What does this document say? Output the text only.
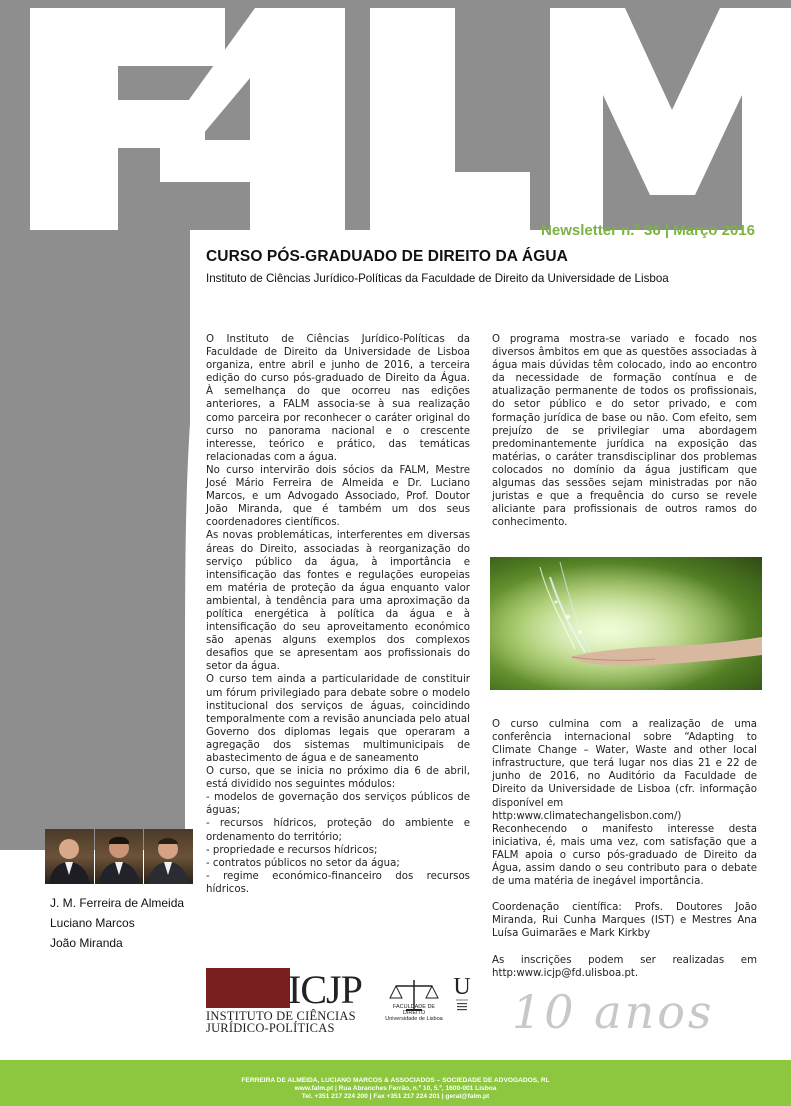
Newsletter n.º 36 | Março 2016
CURSO PÓS-GRADUADO DE DIREITO DA ÁGUA
Instituto de Ciências Jurídico-Políticas da Faculdade de Direito da Universidade de Lisboa

O Instituto de Ciências Jurídico-Políticas da Faculdade de Direito da Universidade de Lisboa organiza, entre abril e junho de 2016, a terceira edição do curso pós-graduado de Direito da Água. À semelhança do que ocorreu nas edições anteriores, a FALM associa-se à sua realização como parceira por reconhecer o caráter original do curso no panorama nacional e o crescente interesse, teórico e prático, das temáticas relacionadas com a água.

No curso intervirão dois sócios da FALM, Mestre José Mário Ferreira de Almeida e Dr. Luciano Marcos, e um Advogado Associado, Prof. Doutor João Miranda, que é também um dos seus coordenadores científicos.

As novas problemáticas, interferentes em diversas áreas do Direito, associadas à reorganização do serviço público da água, à importância e intensificação das fontes e regulações europeias em matéria de proteção da água enquanto valor ambiental, à tendência para uma aproximação da política energética à política da água e à intensificação do seu aproveitamento económico são apenas alguns exemplos dos complexos desafios que se apresentam aos profissionais do setor da água.

O curso tem ainda a particularidade de constituir um fórum privilegiado para debate sobre o modelo institucional dos serviços de águas, coincidindo temporalmente com a revisão anunciada pelo atual Governo dos diplomas legais que operaram a agregação dos sistemas multimunicipais de abastecimento de água e de saneamento

O curso, que se inicia no próximo dia 6 de abril, está dividido nos seguintes módulos:

- modelos de governação dos serviços públicos de águas;

- recursos hídricos, proteção do ambiente e ordenamento do território;

- propriedade e recursos hídricos;

- contratos públicos no setor da água;

- regime económico-financeiro dos recursos hídricos.

O programa mostra-se variado e focado nos diversos âmbitos em que as questões associadas à água mais dúvidas têm colocado, indo ao encontro da necessidade de formação contínua e de atualização permanente de todos os profissionais, do setor público e do setor privado, e com formação jurídica de base ou não. Com efeito, sem prejuízo de se privilegiar uma abordagem predominantemente jurídica na exposição das matérias, o caráter transdisciplinar dos problemas colocados no domínio da água justificam que algumas das sessões sejam ministradas por não juristas e que a frequência do curso se revele aliciante para profissionais de outros ramos do conhecimento.

O curso culmina com a realização de uma conferência internacional sobre “Adapting to Climate Change – Water, Waste and other local infrastructure, que terá lugar nos dias 21 e 22 de junho de 2016, no Auditório da Faculdade de Direito da Universidade de Lisboa (cfr. informação disponível em

http:www.climatechangelisbon.com/)

Reconhecendo o manifesto interesse desta iniciativa, é, mais uma vez, com satisfação que a FALM apoia o curso pós-graduado de Direito da Água, assim dando o seu contributo para o debate de uma matéria de inegável importância.

Coordenação científica: Profs. Doutores João Miranda, Rui Cunha Marques (IST) e Mestres Ana Luísa Guimarães e Mark Kirkby

As inscrições podem ser realizadas em http:www.icjp@fd.ulisboa.pt.

J. M. Ferreira de Almeida
Luciano Marcos
João Miranda
ICJP
INSTITUTO DE CIÊNCIAS
JURÍDICO-POLÍTICAS
FACULDADE DE DIREITO
Universidade de Lisboa
U 10 anos
FERREIRA DE ALMEIDA, LUCIANO MARCOS & ASSOCIADOS – SOCIEDADE DE ADVOGADOS, RL
www.falm.pt | Rua Abranches Ferrão, n.º 10, 5.º, 1600-001 Lisboa
Tel. +351 217 224 200 | Fax +351 217 224 201 | geral@falm.pt
